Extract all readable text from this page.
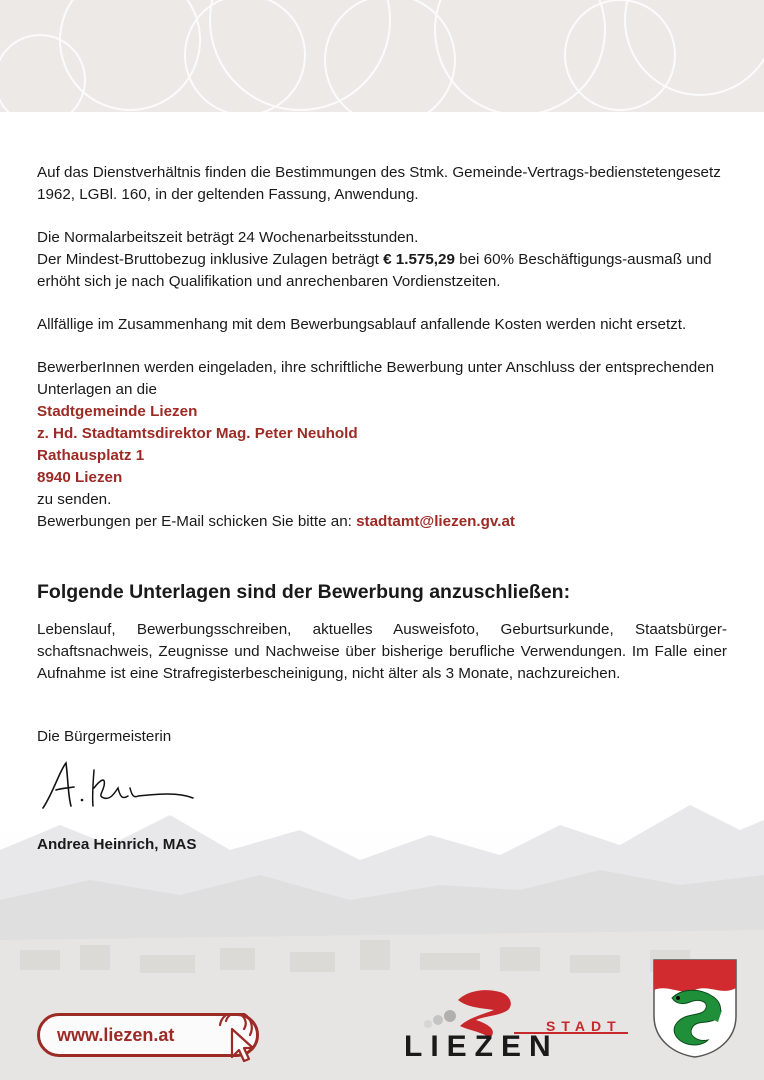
Auf das Dienstverhältnis finden die Bestimmungen des Stmk. Gemeinde-Vertrags-bedienstetengesetz 1962, LGBl. 160, in der geltenden Fassung, Anwendung.

Die Normalarbeitszeit beträgt 24 Wochenarbeitsstunden.
Der Mindest-Bruttobezug inklusive Zulagen beträgt € 1.575,29 bei 60% Beschäftigungs-ausmaß und erhöht sich je nach Qualifikation und anrechenbaren Vordienstzeiten.

Allfällige im Zusammenhang mit dem Bewerbungsablauf anfallende Kosten werden nicht ersetzt.

BewerberInnen werden eingeladen, ihre schriftliche Bewerbung unter Anschluss der entsprechenden Unterlagen an die

Stadtgemeinde Liezen

z. Hd. Stadtamtsdirektor Mag. Peter Neuhold

Rathausplatz 1

8940 Liezen

zu senden.

Bewerbungen per E-Mail schicken Sie bitte an: stadtamt@liezen.gv.at

Folgende Unterlagen sind der Bewerbung anzuschließen:
Lebenslauf, Bewerbungsschreiben, aktuelles Ausweisfoto, Geburtsurkunde, Staatsbürger-schaftsnachweis, Zeugnisse und Nachweise über bisherige berufliche Verwendungen. Im Falle einer Aufnahme ist eine Strafregisterbescheinigung, nicht älter als 3 Monate, nachzureichen.
Die Bürgermeisterin
Andrea Heinrich, MAS
www.liezen.at	STADT
LIEZEN
